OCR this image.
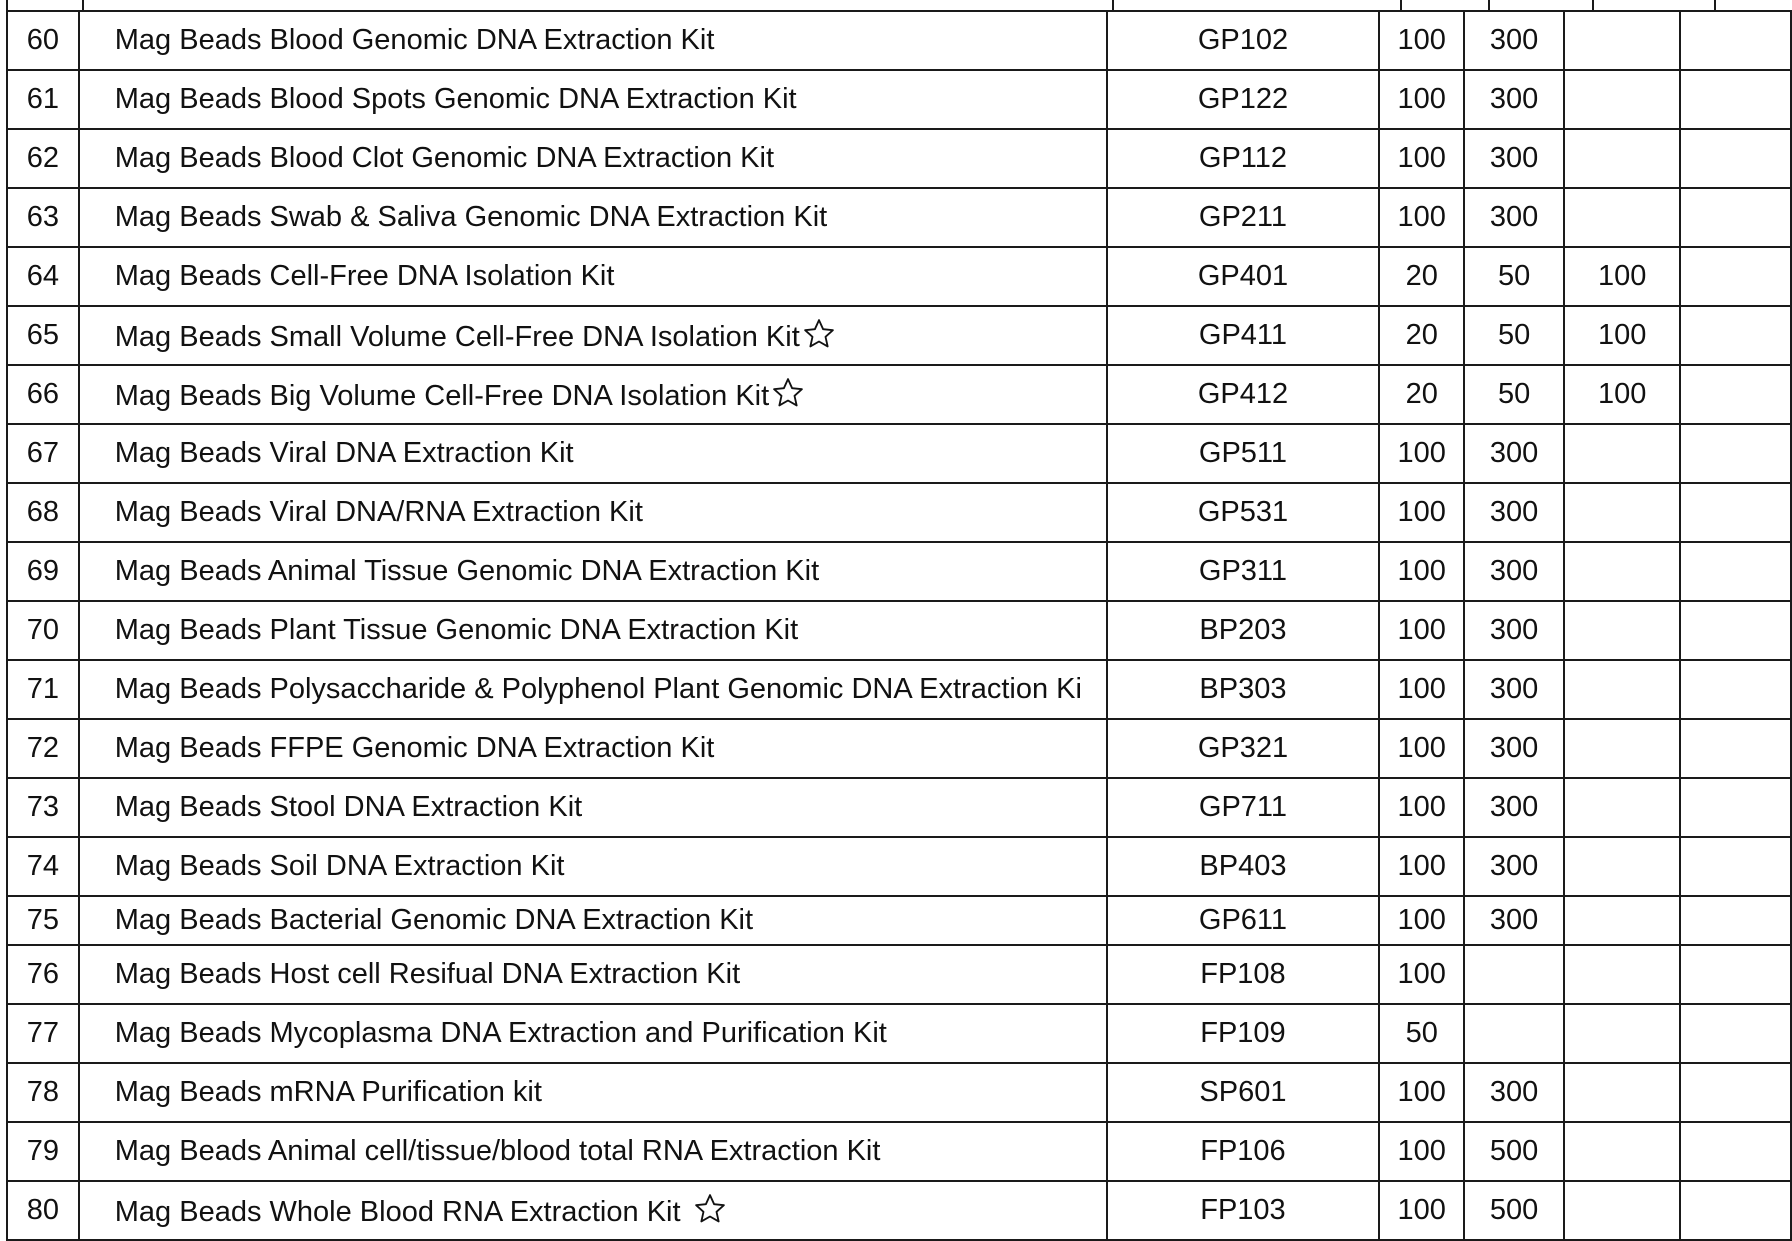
60	Mag Beads Blood Genomic DNA Extraction Kit	GP102	100	300		
61	Mag Beads Blood Spots Genomic DNA Extraction Kit	GP122	100	300		
62	Mag Beads Blood Clot Genomic DNA Extraction Kit	GP112	100	300		
63	Mag Beads Swab & Saliva Genomic DNA Extraction Kit	GP211	100	300		
64	Mag Beads Cell-Free DNA Isolation Kit	GP401	20	50	100	
65	Mag Beads Small Volume Cell-Free DNA Isolation Kit	GP411	20	50	100	
66	Mag Beads Big Volume Cell-Free DNA Isolation Kit	GP412	20	50	100	
67	Mag Beads Viral DNA Extraction Kit	GP511	100	300		
68	Mag Beads Viral DNA/RNA Extraction Kit	GP531	100	300		
69	Mag Beads Animal Tissue Genomic DNA Extraction Kit	GP311	100	300		
70	Mag Beads Plant Tissue Genomic DNA Extraction Kit	BP203	100	300		
71	Mag Beads Polysaccharide & Polyphenol Plant Genomic DNA Extraction Ki	BP303	100	300		
72	Mag Beads FFPE Genomic DNA Extraction Kit	GP321	100	300		
73	Mag Beads Stool DNA Extraction Kit	GP711	100	300		
74	Mag Beads Soil DNA Extraction Kit	BP403	100	300		
75	Mag Beads Bacterial Genomic DNA Extraction Kit	GP611	100	300		
76	Mag Beads Host cell Resifual DNA Extraction Kit	FP108	100			
77	Mag Beads Mycoplasma DNA Extraction and Purification Kit	FP109	50			
78	Mag Beads mRNA Purification kit	SP601	100	300		
79	Mag Beads Animal cell/tissue/blood total RNA Extraction Kit	FP106	100	500		
80	Mag Beads Whole Blood RNA Extraction Kit	FP103	100	500		
